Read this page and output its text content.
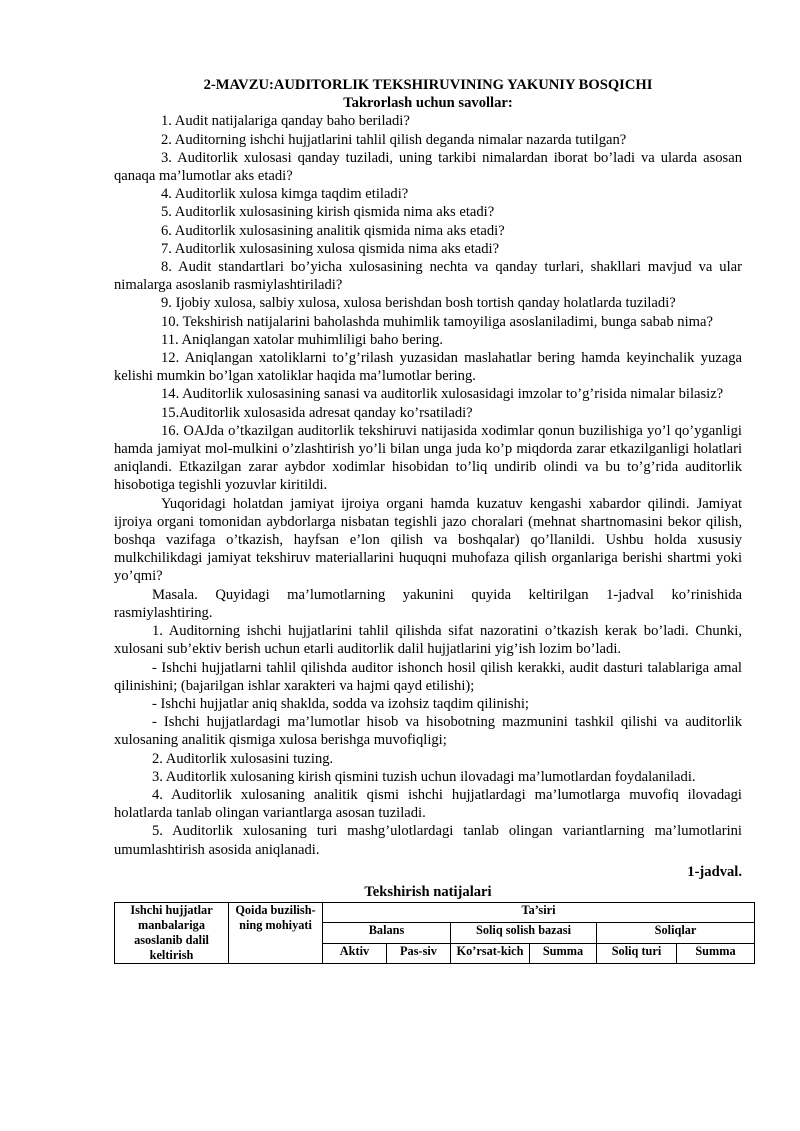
2-MAVZU:AUDITORLIK TEKSHIRUVINING YAKUNIY BOSQICHI

Takrorlash uchun savollar:

1. Audit natijalariga qanday baho beriladi?

2. Auditorning ishchi hujjatlarini tahlil qilish deganda nimalar nazarda tutilgan?

3. Auditorlik xulosasi qanday tuziladi, uning tarkibi nimalardan iborat bo’ladi va ularda asosan qanaqa ma’lumotlar aks etadi?

4. Auditorlik xulosa kimga taqdim etiladi?

5. Auditorlik xulosasining kirish qismida nima aks etadi?

6. Auditorlik xulosasining analitik qismida nima aks etadi?

7. Auditorlik xulosasining xulosa qismida nima aks etadi?

8. Audit standartlari bo’yicha xulosasining nechta va qanday turlari, shakllari mavjud va ular nimalarga asoslanib rasmiylashtiriladi?

9. Ijobiy xulosa, salbiy xulosa, xulosa berishdan bosh tortish qanday holatlarda tuziladi?

10. Tekshirish natijalarini baholashda muhimlik tamoyiliga asoslaniladimi, bunga sabab nima?

11. Aniqlangan xatolar muhimliligi baho bering.

12. Aniqlangan xatoliklarni to’g’rilash yuzasidan maslahatlar bering hamda keyinchalik yuzaga kelishi mumkin bo’lgan xatoliklar haqida ma’lumotlar bering.

14. Auditorlik xulosasining sanasi va auditorlik xulosasidagi imzolar to’g’risida nimalar bilasiz?

15.Auditorlik xulosasida adresat qanday ko’rsatiladi?

16. OAJda o’tkazilgan auditorlik tekshiruvi natijasida xodimlar qonun buzilishiga yo’l qo’yganligi hamda jamiyat mol-mulkini o’zlashtirish yo’li bilan unga juda ko’p miqdorda zarar etkazilganligi holatlari aniqlandi. Etkazilgan zarar aybdor xodimlar hisobidan to’liq undirib olindi va bu to’g’rida auditorlik hisobotiga tegishli yozuvlar kiritildi.

Yuqoridagi holatdan jamiyat ijroiya organi hamda kuzatuv kengashi xabardor qilindi. Jamiyat ijroiya organi tomonidan aybdorlarga nisbatan tegishli jazo choralari (mehnat shartnomasini bekor qilish, boshqa vazifaga o’tkazish, hayfsan e’lon qilish va boshqalar) qo’llanildi. Ushbu holda xususiy mulkchilikdagi jamiyat tekshiruv materiallarini huquqni muhofaza qilish organlariga berishi shartmi yoki yo’qmi?

Masala. Quyidagi ma’lumotlarning yakunini quyida keltirilgan 1-jadval ko’rinishida rasmiylashtiring.

1. Auditorning ishchi hujjatlarini tahlil qilishda sifat nazoratini o’tkazish kerak bo’ladi. Chunki, xulosani sub’ektiv berish uchun etarli auditorlik dalil hujjatlarini yig’ish lozim bo’ladi.

- Ishchi hujjatlarni tahlil qilishda auditor ishonch hosil qilish kerakki, audit dasturi talablariga amal qilinishini; (bajarilgan ishlar xarakteri va hajmi qayd etilishi);

- Ishchi hujjatlar aniq shaklda, sodda va izohsiz taqdim qilinishi;

- Ishchi hujjatlardagi ma’lumotlar hisob va hisobotning mazmunini tashkil qilishi va auditorlik xulosaning analitik qismiga xulosa berishga muvofiqligi;

2. Auditorlik xulosasini tuzing.

3. Auditorlik xulosaning kirish qismini tuzish uchun ilovadagi ma’lumotlardan foydalaniladi.

4. Auditorlik xulosaning analitik qismi ishchi hujjatlardagi ma’lumotlarga muvofiq ilovadagi holatlarda tanlab olingan variantlarga asosan tuziladi.

5. Auditorlik xulosaning turi mashg’ulotlardagi tanlab olingan variantlarning ma’lumotlarini umumlashtirish asosida aniqlanadi.

1-jadval.

Tekshirish natijalari

Ishchi hujjatlar manbalariga asoslanib dalil keltirish	Qoida buzilish-ning mohiyati	Ta’siri					
		Balans		Soliq solish bazasi		Soliqlar	
		Aktiv	Pas-siv	Ko’rsat-kich	Summa	Soliq turi	Summa
